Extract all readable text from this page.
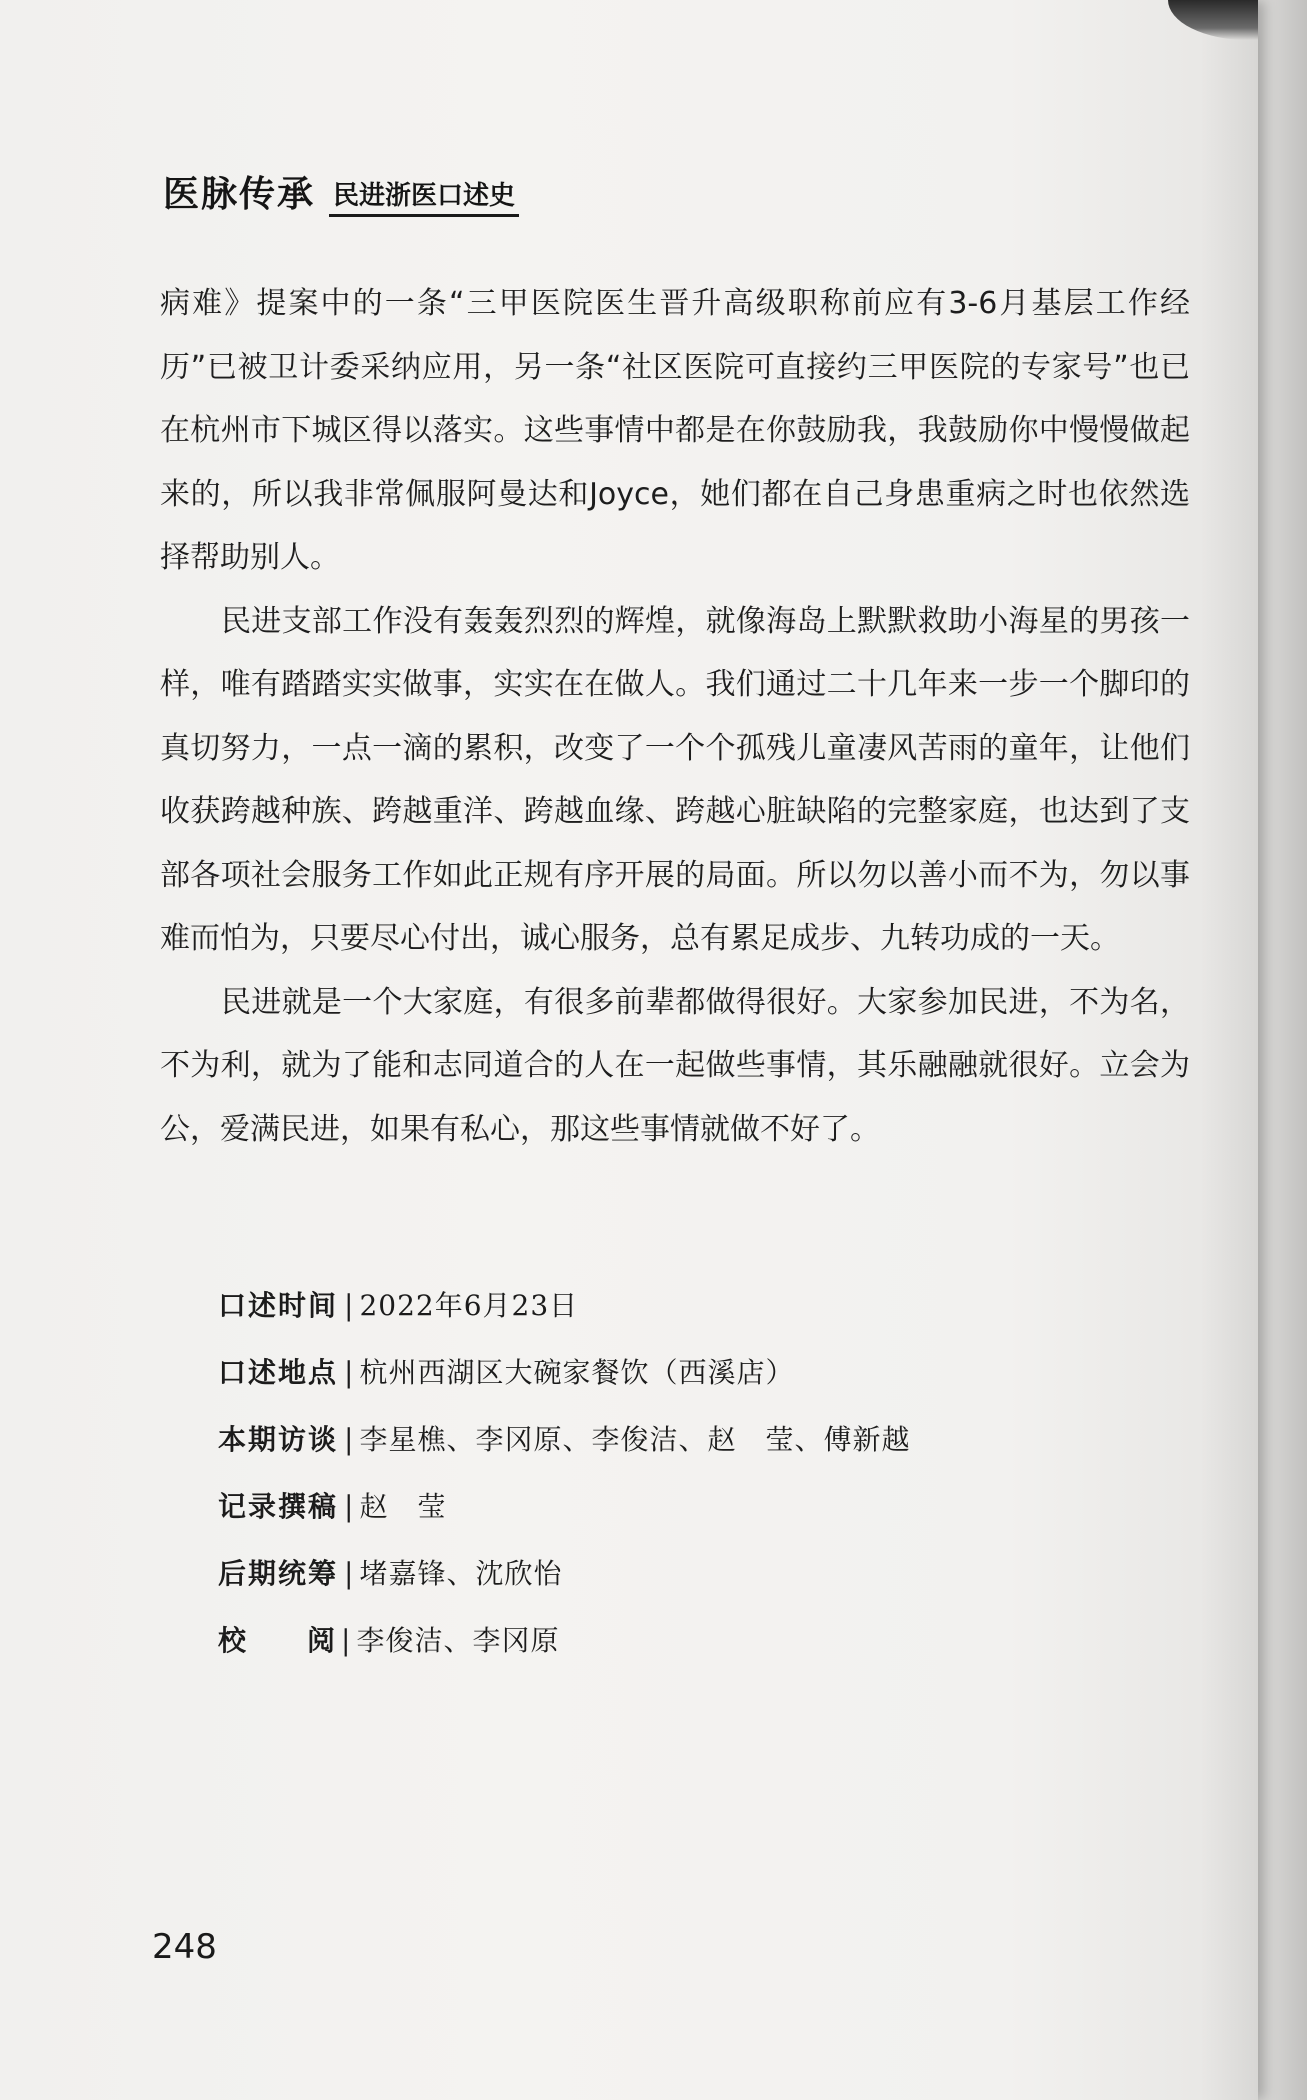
医脉传承 民进浙医口述史

病难》提案中的一条“三甲医院医生晋升高级职称前应有3-6月基层工作经历”已被卫计委采纳应用，另一条“社区医院可直接约三甲医院的专家号”也已在杭州市下城区得以落实。这些事情中都是在你鼓励我，我鼓励你中慢慢做起来的，所以我非常佩服阿曼达和Joyce，她们都在自己身患重病之时也依然选择帮助别人。

民进支部工作没有轰轰烈烈的辉煌，就像海岛上默默救助小海星的男孩一样，唯有踏踏实实做事，实实在在做人。我们通过二十几年来一步一个脚印的真切努力，一点一滴的累积，改变了一个个孤残儿童凄风苦雨的童年，让他们收获跨越种族、跨越重洋、跨越血缘、跨越心脏缺陷的完整家庭，也达到了支部各项社会服务工作如此正规有序开展的局面。所以勿以善小而不为，勿以事难而怕为，只要尽心付出，诚心服务，总有累足成步、九转功成的一天。

民进就是一个大家庭，有很多前辈都做得很好。大家参加民进，不为名，不为利，就为了能和志同道合的人在一起做些事情，其乐融融就很好。立会为公，爱满民进，如果有私心，那这些事情就做不好了。

口述时间 | 2022年6月23日
口述地点 | 杭州西湖区大碗家餐饮（西溪店）
本期访谈 | 李星樵、李冈原、李俊洁、赵　莹、傅新越
记录撰稿 | 赵　莹
后期统筹 | 堵嘉锋、沈欣怡
校阅 | 李俊洁、李冈原
248
